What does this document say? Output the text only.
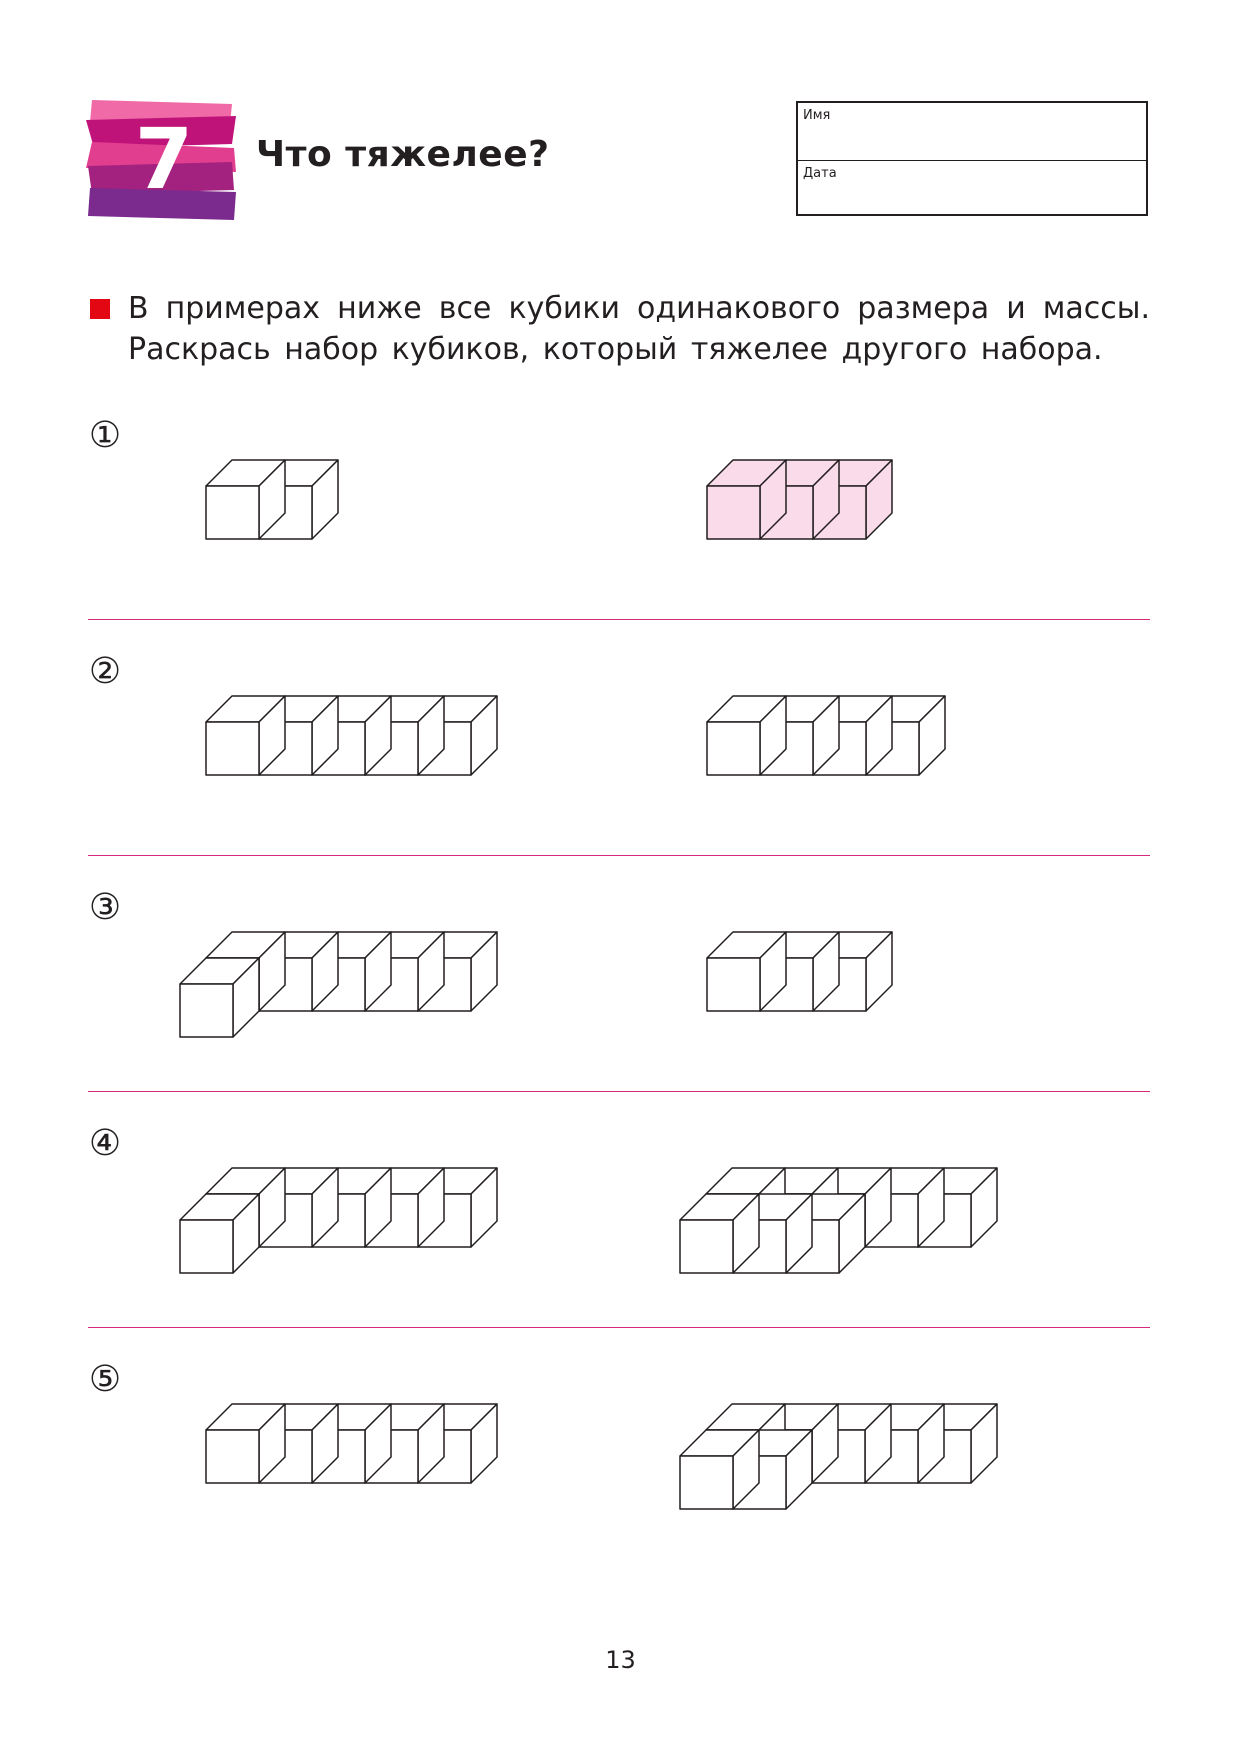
7 Что тяжелее?
Имя
Дата

В примерах ниже все кубики одинакового размера и массы. Раскрась набор кубиков, который тяжелее другого набора.

①
②
③
④
⑤
13
